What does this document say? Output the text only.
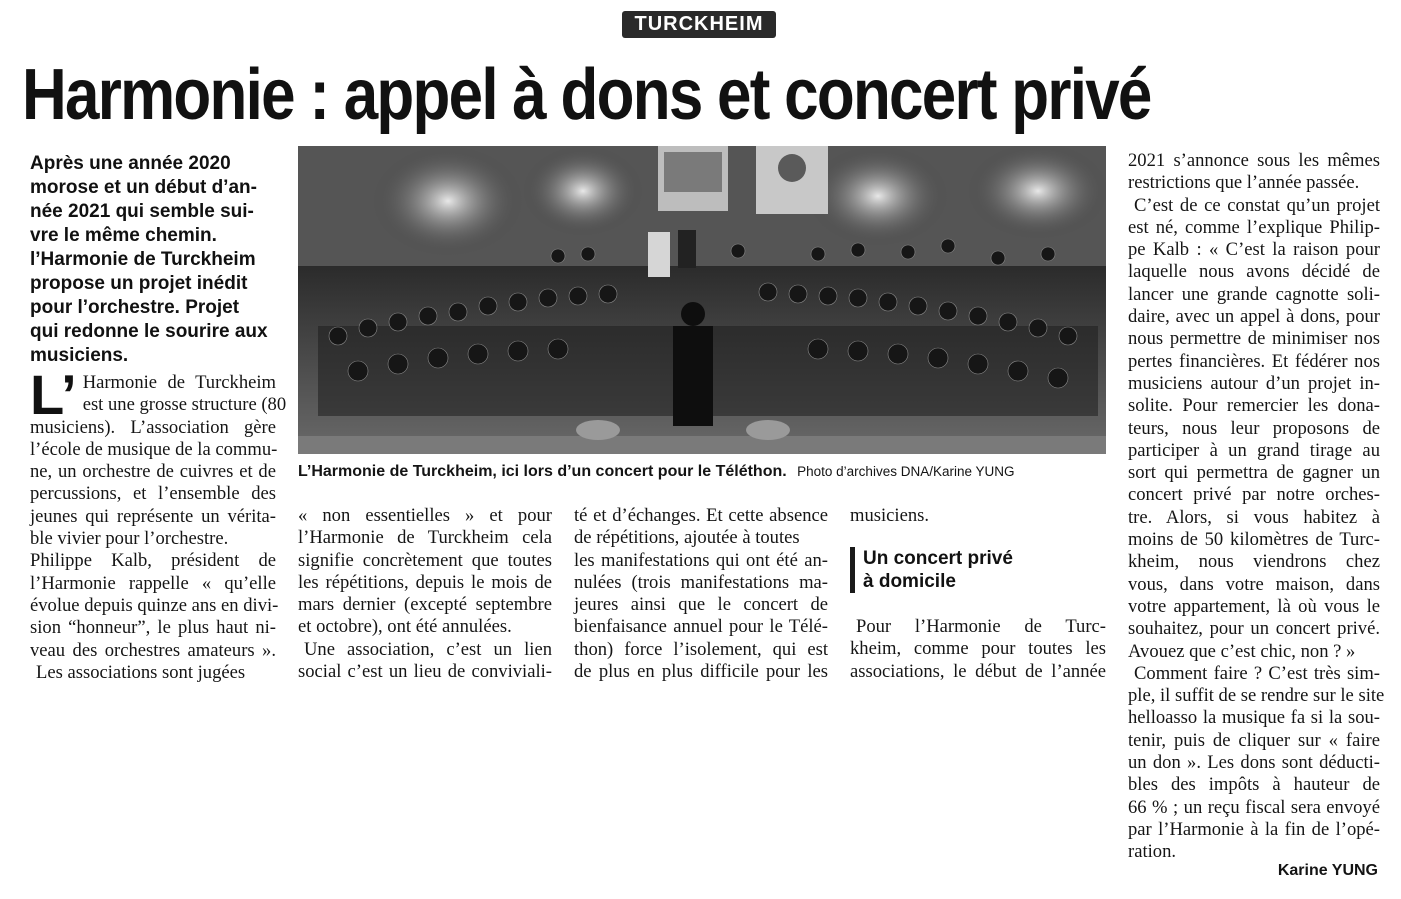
TURCKHEIM
Harmonie : appel à dons et concert privé
Après une année 2020
morose et un début d’an-
née 2021 qui semble sui-
vre le même chemin.
l’Harmonie de Turckheim
propose un projet inédit
pour l’orchestre. Projet
qui redonne le sourire aux
musiciens.
L’ Harmonie de Turckheim
est une grosse structure (80
musiciens). L’association gère
l’école de musique de la commu-
ne, un orchestre de cuivres et de
percussions, et l’ensemble des
jeunes qui représente un vérita-
ble vivier pour l’orchestre.
Philippe Kalb, président de
l’Harmonie rappelle « qu’elle
évolue depuis quinze ans en divi-
sion “honneur”, le plus haut ni-
veau des orchestres amateurs ».
Les associations sont jugées
L’Harmonie de Turckheim, ici lors d’un concert pour le Téléthon. Photo d’archives DNA/Karine YUNG
« non essentielles » et pour
l’Harmonie de Turckheim cela
signifie concrètement que toutes
les répétitions, depuis le mois de
mars dernier (excepté septembre
et octobre), ont été annulées.
Une association, c’est un lien
social c’est un lieu de conviviali-
té et d’échanges. Et cette absence
de répétitions, ajoutée à toutes
les manifestations qui ont été an-
nulées (trois manifestations ma-
jeures ainsi que le concert de
bienfaisance annuel pour le Télé-
thon) force l’isolement, qui est
de plus en plus difficile pour les
musiciens.
Un concert privé
à domicile
Pour l’Harmonie de Turc-
kheim, comme pour toutes les
associations, le début de l’année
2021 s’annonce sous les mêmes
restrictions que l’année passée.
C’est de ce constat qu’un projet
est né, comme l’explique Philip-
pe Kalb : « C’est la raison pour
laquelle nous avons décidé de
lancer une grande cagnotte soli-
daire, avec un appel à dons, pour
nous permettre de minimiser nos
pertes financières. Et fédérer nos
musiciens autour d’un projet in-
solite. Pour remercier les dona-
teurs, nous leur proposons de
participer à un grand tirage au
sort qui permettra de gagner un
concert privé par notre orches-
tre. Alors, si vous habitez à
moins de 50 kilomètres de Turc-
kheim, nous viendrons chez
vous, dans votre maison, dans
votre appartement, là où vous le
souhaitez, pour un concert privé.
Avouez que c’est chic, non ? »
Comment faire ? C’est très sim-
ple, il suffit de se rendre sur le site
helloasso la musique fa si la sou-
tenir, puis de cliquer sur « faire
un don ». Les dons sont déducti-
bles des impôts à hauteur de
66 % ; un reçu fiscal sera envoyé
par l’Harmonie à la fin de l’opé-
ration.
Karine YUNG
